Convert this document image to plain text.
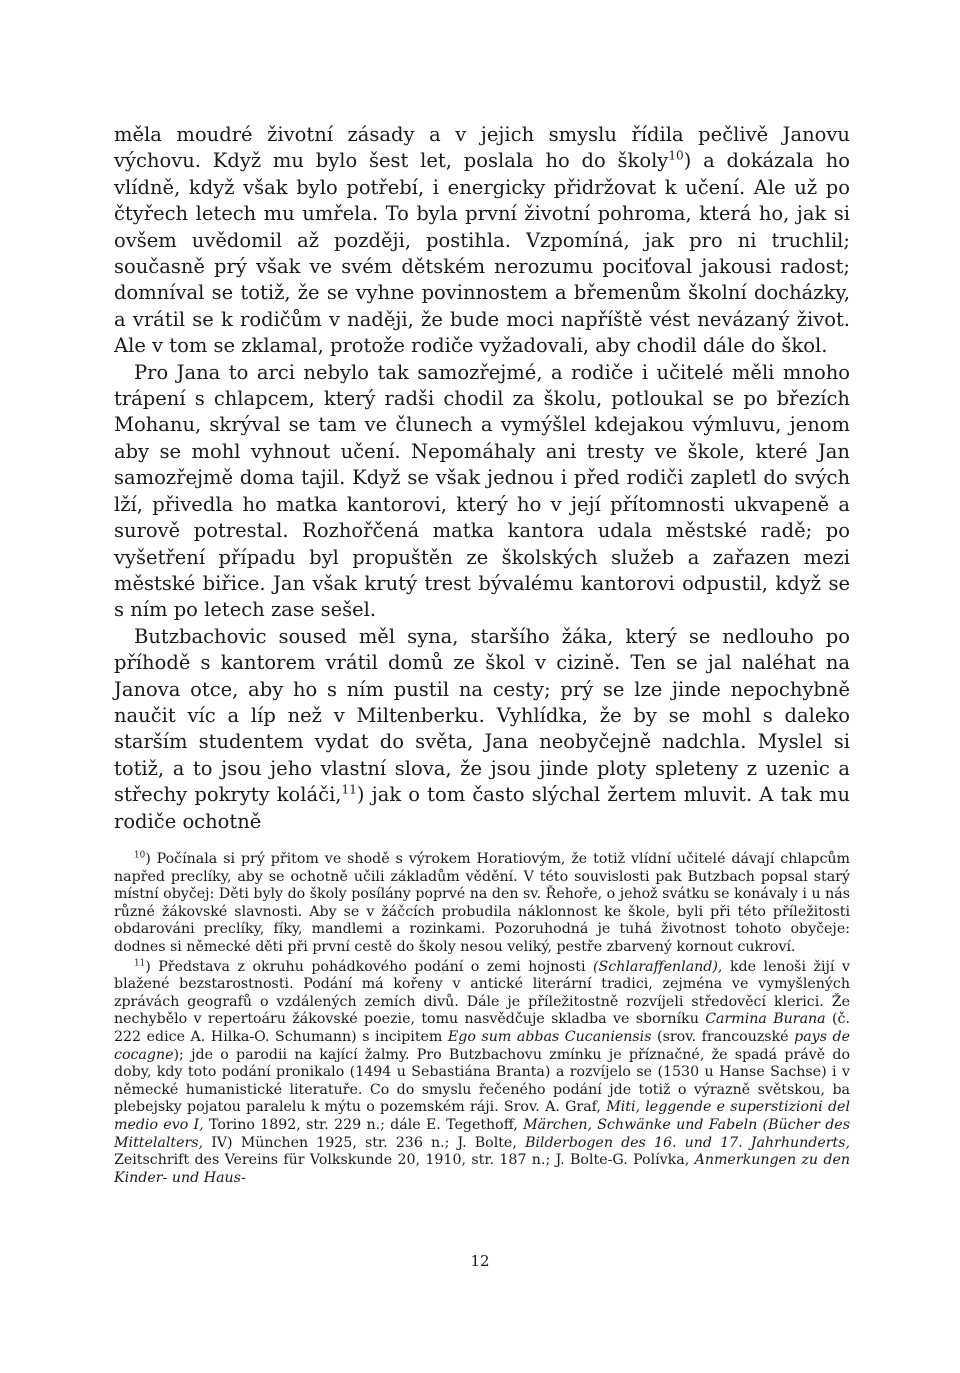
měla moudré životní zásady a v jejich smyslu řídila pečlivě Janovu výchovu. Když mu bylo šest let, poslala ho do školy$^{10}$) a dokázala ho vlídně, když však bylo potřebí, i energicky přidržovat k učení. Ale už po čtyřech letech mu umřela. To byla první životní pohroma, která ho, jak si ovšem uvědomil až později, postihla. Vzpomíná, jak pro ni truchlil; současně prý však ve svém dětském nerozumu pociťoval jakousi radost; domníval se totiž, že se vyhne povinnostem a břemenům školní docházky, a vrátil se k rodičům v naději, že bude moci napříště vést nevázaný život. Ale v tom se zklamal, protože rodiče vyžadovali, aby chodil dále do škol.

Pro Jana to arci nebylo tak samozřejmé, a rodiče i učitelé měli mnoho trápení s chlapcem, který radši chodil za školu, potloukal se po březích Mohanu, skrýval se tam ve člunech a vymýšlel kdejakou výmluvu, jenom aby se mohl vyhnout učení. Nepomáhaly ani tresty ve škole, které Jan samozřejmě doma tajil. Když se však jednou i před rodiči zapletl do svých lží, přivedla ho matka kantorovi, který ho v její přítomnosti ukvapeně a surově potrestal. Rozhořčená matka kantora udala městské radě; po vyšetření případu byl propuštěn ze školských služeb a zařazen mezi městské biřice. Jan však krutý trest bývalému kantorovi odpustil, když se s ním po letech zase sešel.

Butzbachovic soused měl syna, staršího žáka, který se nedlouho po příhodě s kantorem vrátil domů ze škol v cizině. Ten se jal naléhat na Janova otce, aby ho s ním pustil na cesty; prý se lze jinde nepochybně naučit víc a líp než v Miltenberku. Vyhlídka, že by se mohl s daleko starším studentem vydat do světa, Jana neobyčejně nadchla. Myslel si totiž, a to jsou jeho vlastní slova, že jsou jinde ploty spleteny z uzenic a střechy pokryty koláči,$^{11}$) jak o tom často slýchal žertem mluvit. A tak mu rodiče ochotně

$^{10}$) Počínala si prý přitom ve shodě s výrokem Horatiovým, že totiž vlídní učitelé dávají chlapcům napřed preclíky, aby se ochotně učili základům vědění. V této souvislosti pak Butzbach popsal starý místní obyčej: Děti byly do školy posílány poprvé na den sv. Řehoře, o jehož svátku se konávaly i u nás různé žákovské slavnosti. Aby se v žáčcích probudila náklonnost ke škole, byli při této příležitosti obdarováni preclíky, fíky, mandlemi a rozinkami. Pozoruhodná je tuhá životnost tohoto obyčeje: dodnes si německé děti při první cestě do školy nesou veliký, pestře zbarvený kornout cukroví.

$^{11}$) Představa z okruhu pohádkového podání o zemi hojnosti (Schlaraffenland), kde lenoši žijí v blažené bezstarostnosti. Podání má kořeny v antické literární tradici, zejména ve vymyšlených zprávách geografů o vzdálených zemích divů. Dále je příležitostně rozvíjeli středověcí klerici. Že nechybělo v repertoáru žákovské poezie, tomu nasvědčuje skladba ve sborníku Carmina Burana (č. 222 edice A. Hilka-O. Schumann) s incipitem Ego sum abbas Cucaniensis (srov. francouzské pays de cocagne); jde o parodii na kající žalmy. Pro Butzbachovu zmínku je příznačné, že spadá právě do doby, kdy toto podání pronikalo (1494 u Sebastiána Branta) a rozvíjelo se (1530 u Hanse Sachse) i v německé humanistické literatuře. Co do smyslu řečeného podání jde totiž o výrazně světskou, ba plebejsky pojatou paralelu k mýtu o pozemském ráji. Srov. A. Graf, Miti, leggende e superstizioni del medio evo I, Torino 1892, str. 229 n.; dále E. Tegethoff, Märchen, Schwänke und Fabeln (Bücher des Mittelalters, IV) München 1925, str. 236 n.; J. Bolte, Bilderbogen des 16. und 17. Jahrhunderts, Zeitschrift des Vereins für Volkskunde 20, 1910, str. 187 n.; J. Bolte-G. Polívka, Anmerkungen zu den Kinder- und Haus-

12
